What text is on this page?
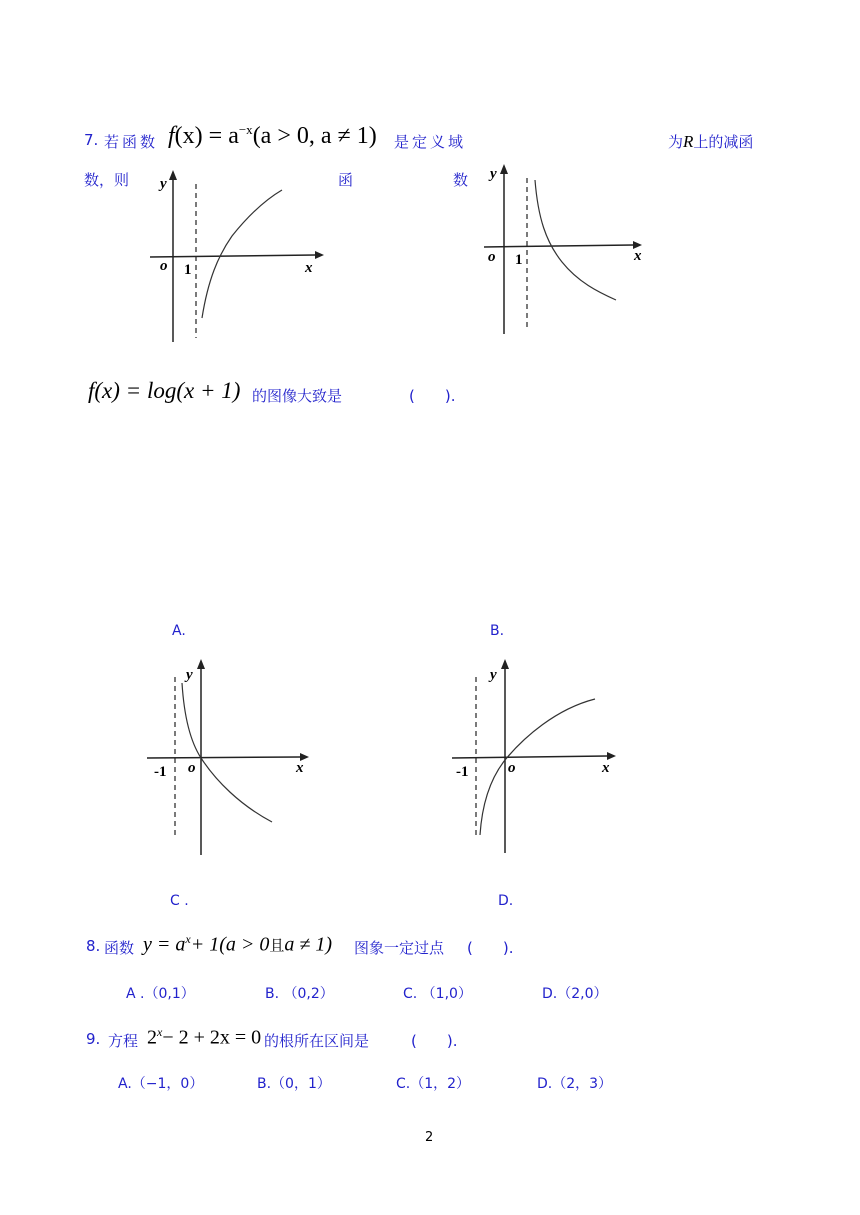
7. 若函数 $f(x) = a^{-x}(a > 0$, a ≠ 1) 是定义域	为R上的减函
数，则	函	数
y
x
o 1
y
x
o 1
f(x) = log(x + 1) 的图像大致是	(　　).
A.	B.
y
x
o
-1
y
x
o
-1
C .	D.
8. 函数 $y = a^x+ 1(a > 0$且a ≠ 1) 图象一定过点 (　　).
A .（0,1）	B. （0,2）	C. （1,0）	D.（2,0）
9. 方程 $2^x- 2 + 2x = 0$ 的根所在区间是	(　　).
A.（−1，0）	B.（0，1）	C.（1，2）	D.（2，3）
2
